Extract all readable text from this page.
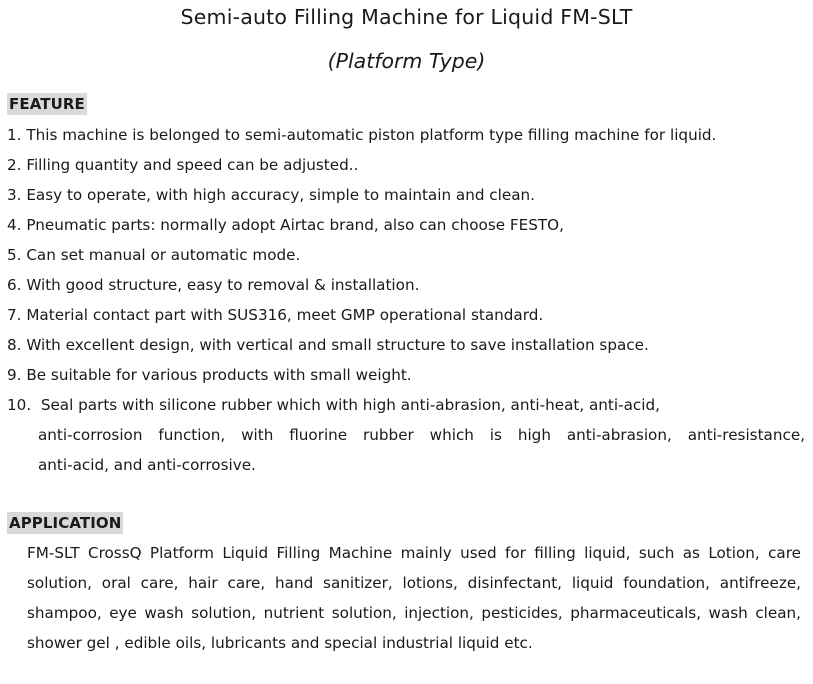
Semi-auto Filling Machine for Liquid FM-SLT
(Platform Type)
FEATURE
1. This machine is belonged to semi-automatic piston platform type filling machine for liquid.
2. Filling quantity and speed can be adjusted..
3. Easy to operate, with high accuracy, simple to maintain and clean.
4. Pneumatic parts: normally adopt Airtac brand, also can choose FESTO,
5. Can set manual or automatic mode.
6. With good structure, easy to removal & installation.
7. Material contact part with SUS316, meet GMP operational standard.
8. With excellent design, with vertical and small structure to save installation space.
9. Be suitable for various products with small weight.
10. Seal parts with silicone rubber which with high anti-abrasion, anti-heat, anti-acid,
anti-corrosion function, with fluorine rubber which is high anti-abrasion, anti-resistance,
anti-acid, and anti-corrosive.
APPLICATION

FM-SLT CrossQ Platform Liquid Filling Machine mainly used for filling liquid, such as Lotion, care solution, oral care, hair care, hand sanitizer, lotions, disinfectant, liquid foundation, antifreeze, shampoo, eye wash solution, nutrient solution, injection, pesticides, pharmaceuticals, wash clean, shower gel , edible oils, lubricants and special industrial liquid etc.
